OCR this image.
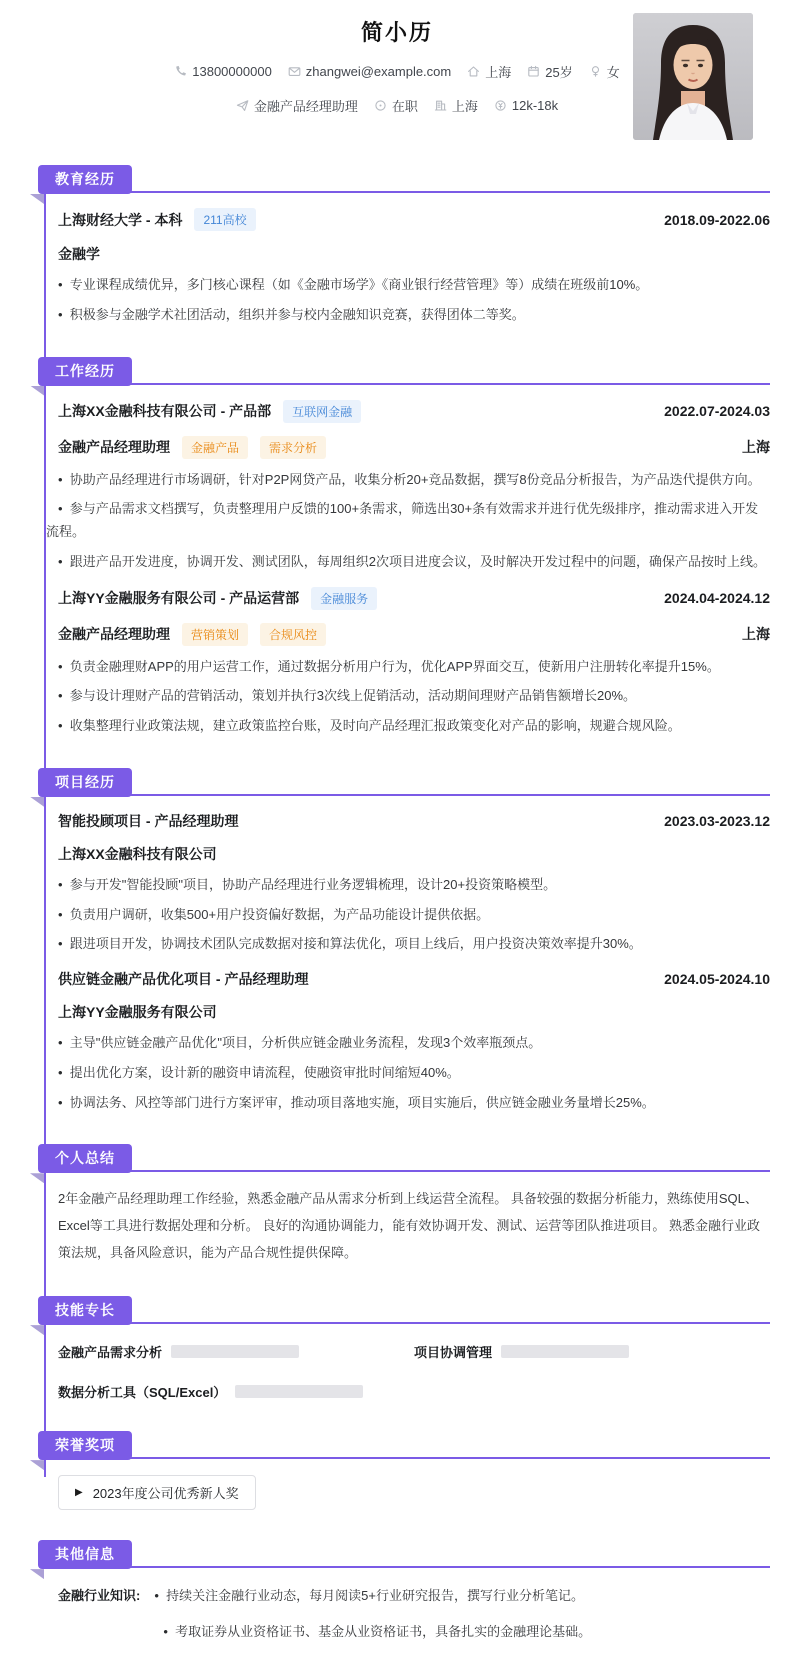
简小历
13800000000	zhangwei@example.com	上海	25岁	女
金融产品经理助理	在职	上海	12k-18k
教育经历
上海财经大学 - 本科	211高校	2018.09-2022.06
金融学
•  专业课程成绩优异，多门核心课程（如《金融市场学》《商业银行经营管理》等）成绩在班级前10%。
•  积极参与金融学术社团活动，组织并参与校内金融知识竞赛，获得团体二等奖。
工作经历
上海XX金融科技有限公司 - 产品部	互联网金融	2022.07-2024.03
金融产品经理助理	金融产品	需求分析	上海
•  协助产品经理进行市场调研，针对P2P网贷产品，收集分析20+竞品数据，撰写8份竞品分析报告，为产品迭代提供方向。
•  参与产品需求文档撰写，负责整理用户反馈的100+条需求，筛选出30+条有效需求并进行优先级排序，推动需求进入开发流程。
•  跟进产品开发进度，协调开发、测试团队，每周组织2次项目进度会议，及时解决开发过程中的问题，确保产品按时上线。
上海YY金融服务有限公司 - 产品运营部	金融服务	2024.04-2024.12
金融产品经理助理	营销策划	合规风控	上海
•  负责金融理财APP的用户运营工作，通过数据分析用户行为，优化APP界面交互，使新用户注册转化率提升15%。
•  参与设计理财产品的营销活动，策划并执行3次线上促销活动，活动期间理财产品销售额增长20%。
•  收集整理行业政策法规，建立政策监控台账，及时向产品经理汇报政策变化对产品的影响，规避合规风险。
项目经历
智能投顾项目 - 产品经理助理	2023.03-2023.12
上海XX金融科技有限公司
•  参与开发"智能投顾"项目，协助产品经理进行业务逻辑梳理，设计20+投资策略模型。
•  负责用户调研，收集500+用户投资偏好数据，为产品功能设计提供依据。
•  跟进项目开发，协调技术团队完成数据对接和算法优化，项目上线后，用户投资决策效率提升30%。
供应链金融产品优化项目 - 产品经理助理	2024.05-2024.10
上海YY金融服务有限公司
•  主导"供应链金融产品优化"项目，分析供应链金融业务流程，发现3个效率瓶颈点。
•  提出优化方案，设计新的融资申请流程，使融资审批时间缩短40%。
•  协调法务、风控等部门进行方案评审，推动项目落地实施，项目实施后，供应链金融业务量增长25%。
个人总结
2年金融产品经理助理工作经验，熟悉金融产品从需求分析到上线运营全流程。 具备较强的数据分析能力，熟练使用SQL、Excel等工具进行数据处理和分析。 良好的沟通协调能力，能有效协调开发、测试、运营等团队推进项目。 熟悉金融行业政策法规，具备风险意识，能为产品合规性提供保障。
技能专长
金融产品需求分析	项目协调管理
数据分析工具（SQL/Excel）
荣誉奖项
▶ 2023年度公司优秀新人奖
其他信息
金融行业知识:	•  持续关注金融行业动态，每月阅读5+行业研究报告，撰写行业分析笔记。
•  考取证券从业资格证书、基金从业资格证书，具备扎实的金融理论基础。
